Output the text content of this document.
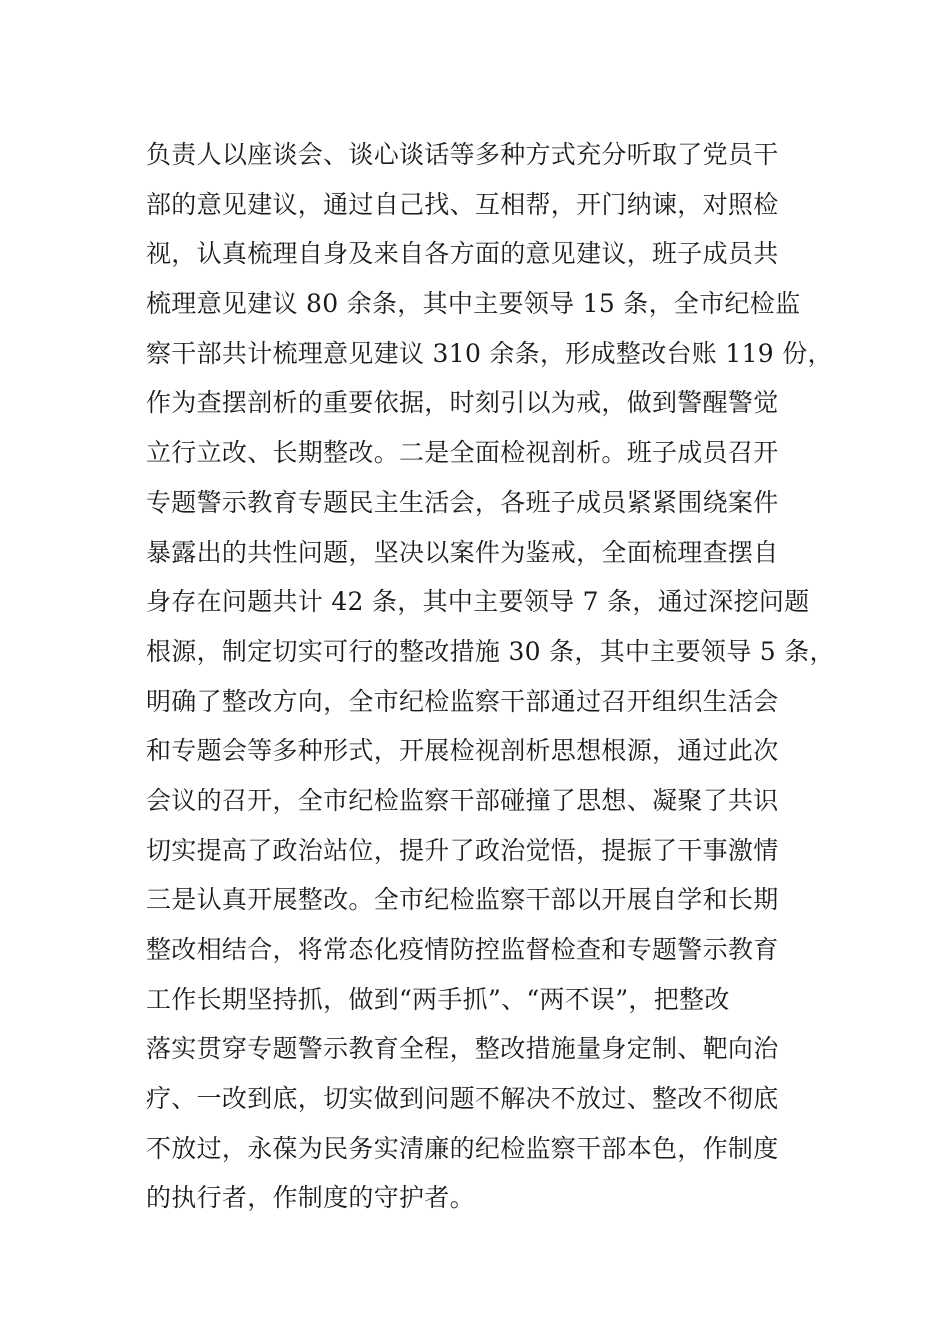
负责人以座谈会、谈心谈话等多种方式充分听取了党员干
部的意见建议，通过自己找、互相帮，开门纳谏，对照检
视，认真梳理自身及来自各方面的意见建议，班子成员共
梳理意见建议 80 余条，其中主要领导 15 条，全市纪检监
察干部共计梳理意见建议 310 余条，形成整改台账 119 份，
作为查摆剖析的重要依据，时刻引以为戒，做到警醒警觉
立行立改、长期整改。二是全面检视剖析。班子成员召开
专题警示教育专题民主生活会，各班子成员紧紧围绕案件
暴露出的共性问题，坚决以案件为鉴戒，全面梳理查摆自
身存在问题共计 42 条，其中主要领导 7 条，通过深挖问题
根源，制定切实可行的整改措施 30 条，其中主要领导 5 条，
明确了整改方向，全市纪检监察干部通过召开组织生活会
和专题会等多种形式，开展检视剖析思想根源，通过此次
会议的召开，全市纪检监察干部碰撞了思想、凝聚了共识
切实提高了政治站位，提升了政治觉悟，提振了干事激情
三是认真开展整改。全市纪检监察干部以开展自学和长期
整改相结合，将常态化疫情防控监督检查和专题警示教育
工作长期坚持抓，做到“两手抓”、“两不误”，把整改
落实贯穿专题警示教育全程，整改措施量身定制、靶向治
疗、一改到底，切实做到问题不解决不放过、整改不彻底
不放过，永葆为民务实清廉的纪检监察干部本色，作制度
的执行者，作制度的守护者。
